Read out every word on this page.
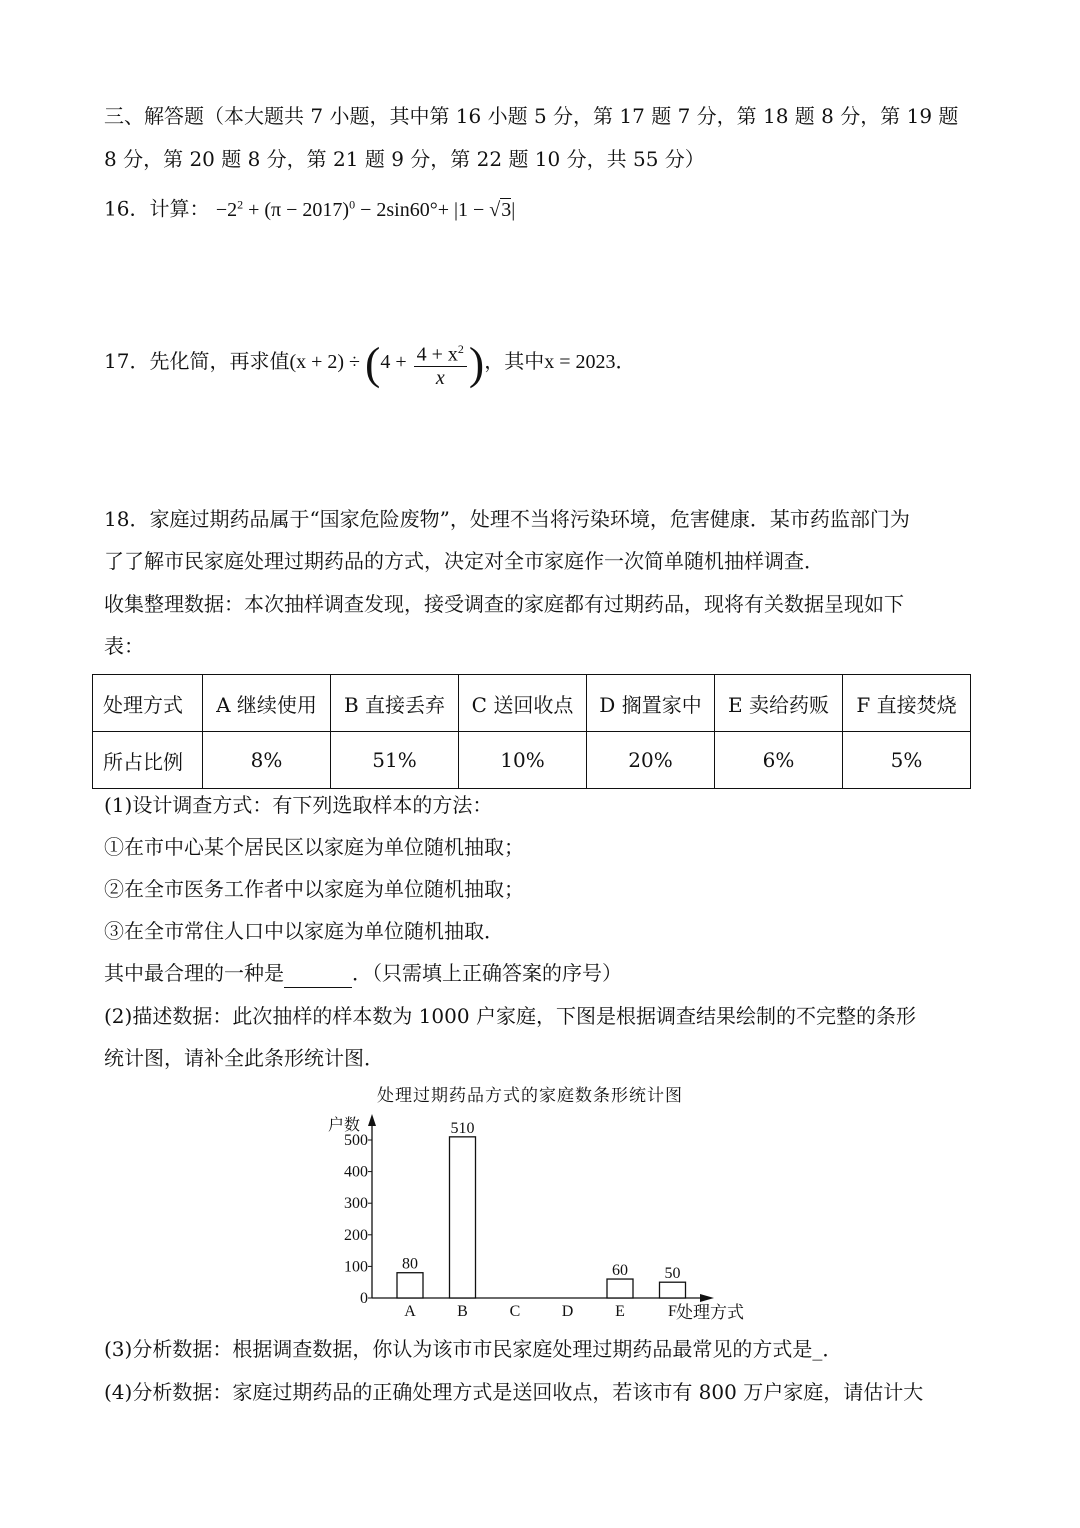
三、解答题（本大题共 7 小题，其中第 16 小题 5 分，第 17 题 7 分，第 18 题 8 分，第 19 题
8 分，第 20 题 8 分，第 21 题 9 分，第 22 题 10 分，共 55 分）
16．计算： $-2^2 + (\pi - 2017)^0 - 2\sin 60^\circ+ |1 - √3|$
17．先化简，再求值$(x + 2) \div (4 + \frac{4 + x^2}{x}$ )，其中x = 2023．
18．家庭过期药品属于“国家危险废物”，处理不当将污染环境，危害健康．某市药监部门为
了了解市民家庭处理过期药品的方式，决定对全市家庭作一次简单随机抽样调查．
收集整理数据：本次抽样调查发现，接受调查的家庭都有过期药品，现将有关数据呈现如下
表：
处理方式	A 继续使用	B 直接丢弃	C 送回收点	D 搁置家中	E 卖给药贩	F 直接焚烧
所占比例	8%	51%	10%	20%	6%	5%
(1)设计调查方式：有下列选取样本的方法：
①在市中心某个居民区以家庭为单位随机抽取；
②在全市医务工作者中以家庭为单位随机抽取；
③在全市常住人口中以家庭为单位随机抽取．
其中最合理的一种是	．（只需填上正确答案的序号）
(2)描述数据：此次抽样的样本数为 1000 户家庭，下图是根据调查结果绘制的不完整的条形
统计图，请补全此条形统计图．
处理过期药品方式的家庭数条形统计图
户数
处理方式
0
100
200
300
400
500
A
80
B
510
C	D	E
60
F
50
(3)分析数据：根据调查数据，你认为该市市民家庭处理过期药品最常见的方式是_．
(4)分析数据：家庭过期药品的正确处理方式是送回收点，若该市有 800 万户家庭，请估计大
